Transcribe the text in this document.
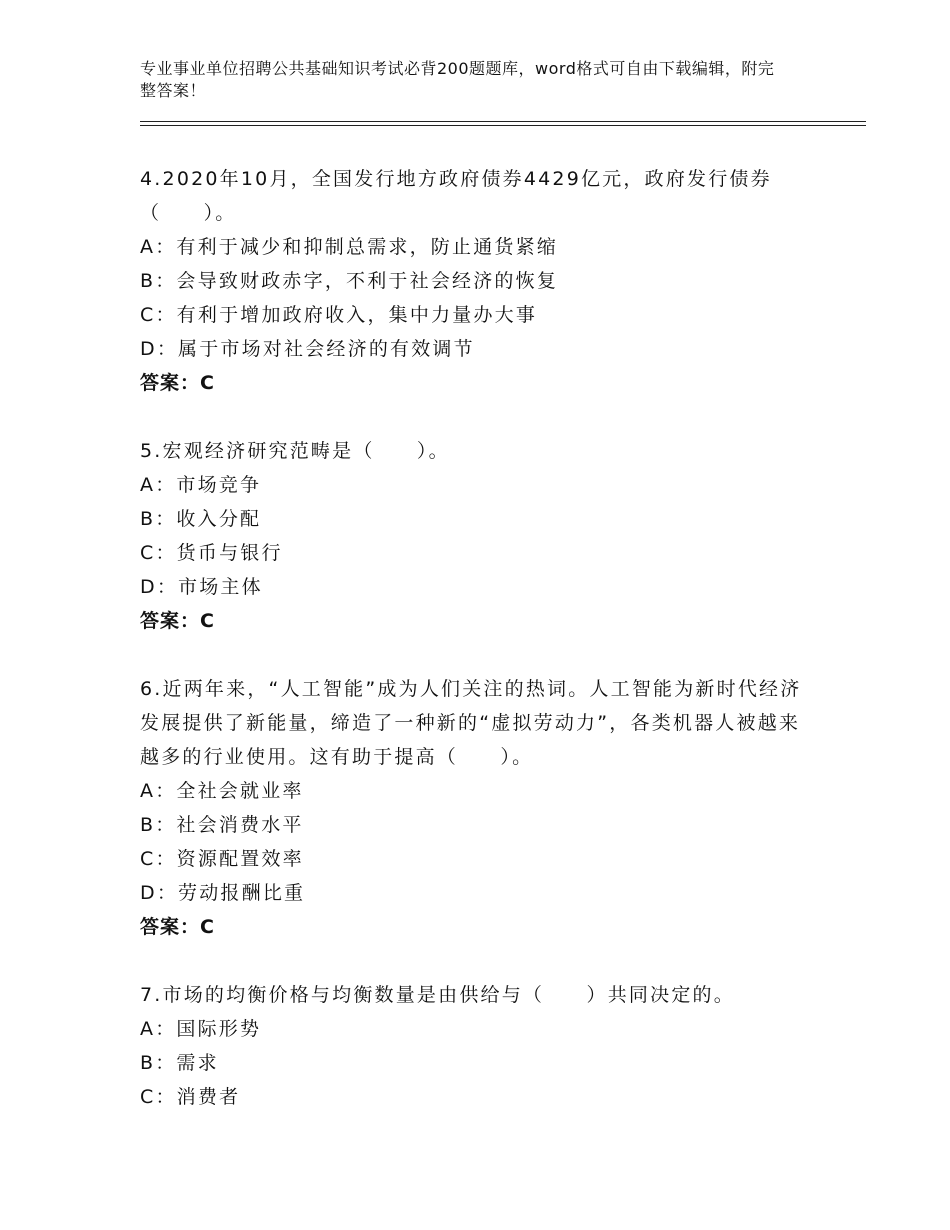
专业事业单位招聘公共基础知识考试必背200题题库，word格式可自由下载编辑，附完整答案！

4.2020年10月，全国发行地方政府债券4429亿元，政府发行债券（　　）。

A：有利于减少和抑制总需求，防止通货紧缩

B：会导致财政赤字，不利于社会经济的恢复

C：有利于增加政府收入，集中力量办大事

D：属于市场对社会经济的有效调节

答案：C

5.宏观经济研究范畴是（　　）。

A：市场竞争

B：收入分配

C：货币与银行

D：市场主体

答案：C

6.近两年来，“人工智能”成为人们关注的热词。人工智能为新时代经济发展提供了新能量，缔造了一种新的“虚拟劳动力”，各类机器人被越来越多的行业使用。这有助于提高（　　）。

A：全社会就业率

B：社会消费水平

C：资源配置效率

D：劳动报酬比重

答案：C

7.市场的均衡价格与均衡数量是由供给与（　　）共同决定的。

A：国际形势

B：需求

C：消费者
